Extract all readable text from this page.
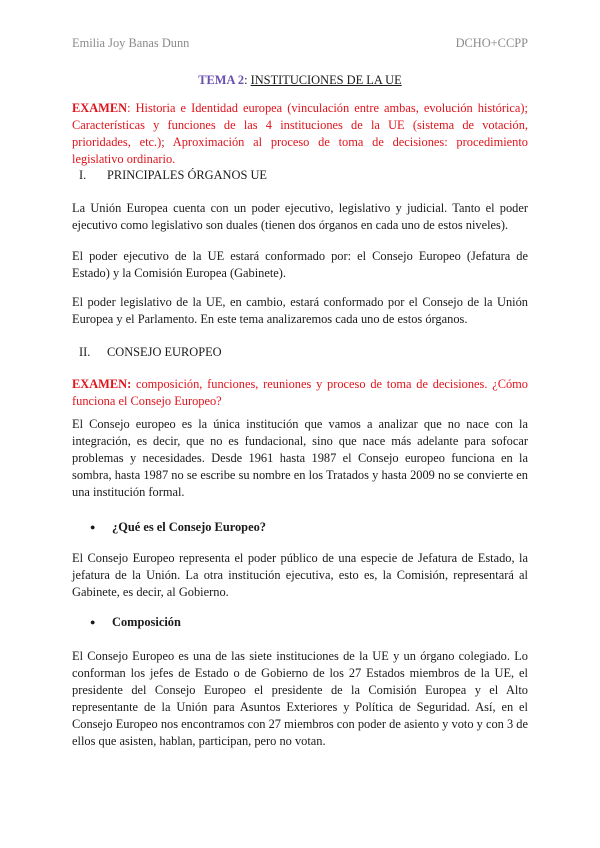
Emilia Joy Banas Dunn	DCHO+CCPP
TEMA 2: INSTITUCIONES DE LA UE
EXAMEN: Historia e Identidad europea (vinculación entre ambas, evolución histórica); Características y funciones de las 4 instituciones de la UE (sistema de votación, prioridades, etc.); Aproximación al proceso de toma de decisiones: procedimiento legislativo ordinario.
I. PRINCIPALES ÓRGANOS UE
La Unión Europea cuenta con un poder ejecutivo, legislativo y judicial. Tanto el poder ejecutivo como legislativo son duales (tienen dos órganos en cada uno de estos niveles).
El poder ejecutivo de la UE estará conformado por: el Consejo Europeo (Jefatura de Estado) y la Comisión Europea (Gabinete).
El poder legislativo de la UE, en cambio, estará conformado por el Consejo de la Unión Europea y el Parlamento. En este tema analizaremos cada uno de estos órganos.
II. CONSEJO EUROPEO
EXAMEN: composición, funciones, reuniones y proceso de toma de decisiones. ¿Cómo funciona el Consejo Europeo?
El Consejo europeo es la única institución que vamos a analizar que no nace con la integración, es decir, que no es fundacional, sino que nace más adelante para sofocar problemas y necesidades. Desde 1961 hasta 1987 el Consejo europeo funciona en la sombra, hasta 1987 no se escribe su nombre en los Tratados y hasta 2009 no se convierte en una institución formal.
● ¿Qué es el Consejo Europeo?
El Consejo Europeo representa el poder público de una especie de Jefatura de Estado, la jefatura de la Unión. La otra institución ejecutiva, esto es, la Comisión, representará al Gabinete, es decir, al Gobierno.
● Composición
El Consejo Europeo es una de las siete instituciones de la UE y un órgano colegiado. Lo conforman los jefes de Estado o de Gobierno de los 27 Estados miembros de la UE, el presidente del Consejo Europeo el presidente de la Comisión Europea y el Alto representante de la Unión para Asuntos Exteriores y Política de Seguridad. Así, en el Consejo Europeo nos encontramos con 27 miembros con poder de asiento y voto y con 3 de ellos que asisten, hablan, participan, pero no votan.
